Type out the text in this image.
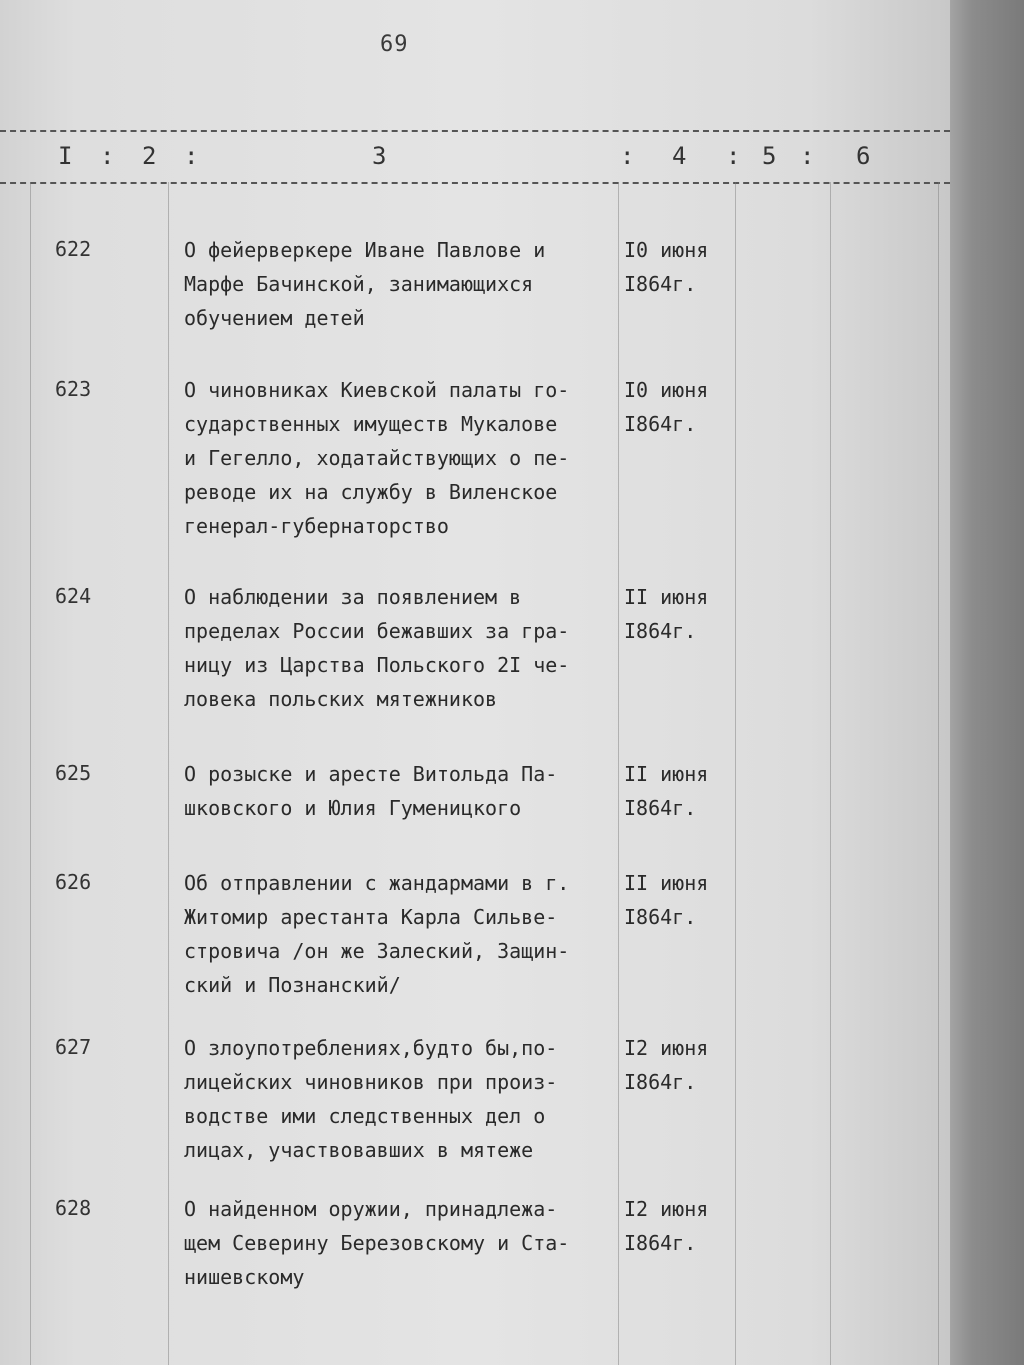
69
I : 2 :	3	: 4 : 5 : 6
622	О фейерверкере Иване Павлове и
Марфе Бачинской, занимающихся
обучением детей
I0 июня
I864г.
623	О чиновниках Киевской палаты го-
сударственных имуществ Мукалове
и Гегелло, ходатайствующих о пе-
реводе их на службу в Виленское
генерал-губернаторство
I0 июня
I864г.
624	О наблюдении за появлением в
пределах России бежавших за гра-
ницу из Царства Польского 2I че-
ловека польских мятежников
II июня
I864г.
625	О розыске и аресте Витольда Па-
шковского и Юлия Гуменицкого
II июня
I864г.
626	Об отправлении с жандармами в г.
Житомир арестанта Карла Сильве-
стровича /он же Залеский, Защин-
ский и Познанский/
II июня
I864г.
627	О злоупотреблениях,будто бы,по-
лицейских чиновников при произ-
водстве ими следственных дел о
лицах, участвовавших в мятеже
I2 июня
I864г.
628	О найденном оружии, принадлежа-
щем Северину Березовскому и Ста-
нишевскому
I2 июня
I864г.
